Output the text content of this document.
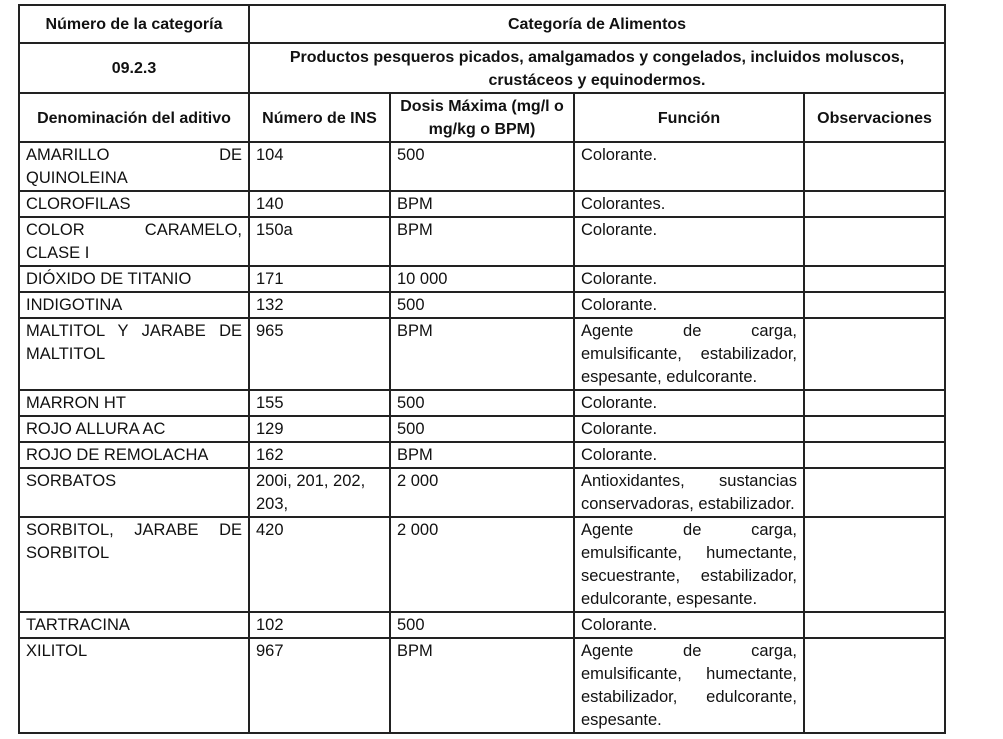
Número de la categoría	Categoría de Alimentos			
09.2.3	Productos pesqueros picados, amalgamados y congelados, incluidos moluscos, crustáceos y equinodermos.			
Denominación del aditivo	Número de INS	Dosis Máxima (mg/l o mg/kg o BPM)	Función	Observaciones
AMARILLO DE QUINOLEINA	104	500	Colorante.	
CLOROFILAS	140	BPM	Colorantes.	
COLOR CARAMELO, CLASE I	150a	BPM	Colorante.	
DIÓXIDO DE TITANIO	171	10 000	Colorante.	
INDIGOTINA	132	500	Colorante.	
MALTITOL Y JARABE DE MALTITOL	965	BPM	Agente de carga, emulsificante, estabilizador, espesante, edulcorante.	
MARRON HT	155	500	Colorante.	
ROJO ALLURA AC	129	500	Colorante.	
ROJO DE REMOLACHA	162	BPM	Colorante.	
SORBATOS	200i, 201, 202, 203,	2 000	Antioxidantes, sustancias conservadoras, estabilizador.	
SORBITOL, JARABE DE SORBITOL	420	2 000	Agente de carga, emulsificante, humectante, secuestrante, estabilizador, edulcorante, espesante.	
TARTRACINA	102	500	Colorante.	
XILITOL	967	BPM	Agente de carga, emulsificante, humectante, estabilizador, edulcorante, espesante.	
